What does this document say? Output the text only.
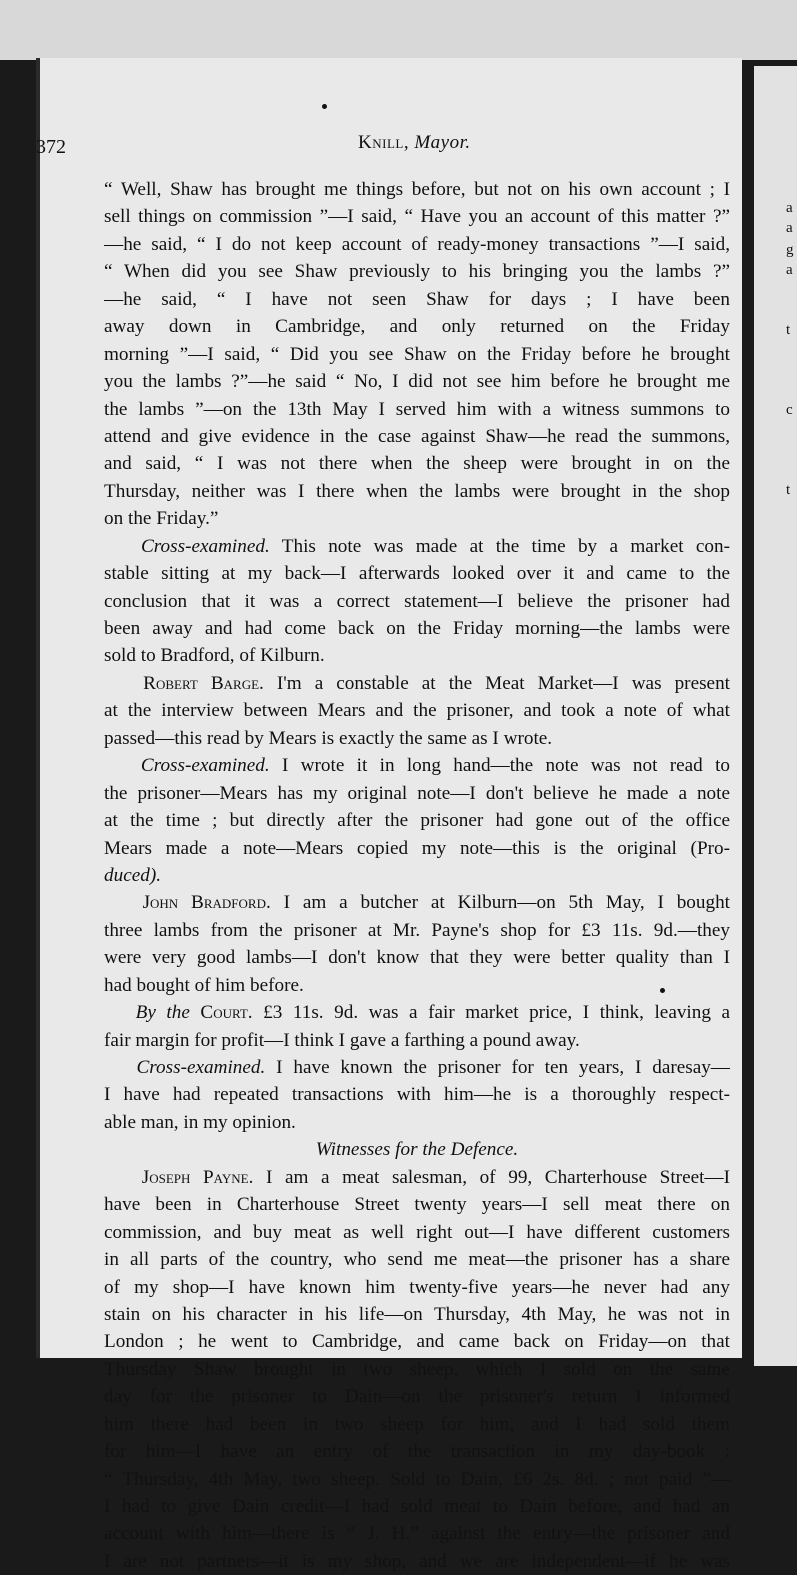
a
a
g
a
t
c
t
372	Knill, Mayor.
“ Well, Shaw has brought me things before, but not on his own account ; I
sell things on commission ”—I said, “ Have you an account of this matter ?”
—he said, “ I do not keep account of ready-money transactions ”—I said,
“ When did you see Shaw previously to his bringing you the lambs ?”
—he said, “ I have not seen Shaw for days ; I have been
away down in Cambridge, and only returned on the Friday
morning ”—I said, “ Did you see Shaw on the Friday before he brought
you the lambs ?”—he said “ No, I did not see him before he brought me
the lambs ”—on the 13th May I served him with a witness summons to
attend and give evidence in the case against Shaw—he read the summons,
and said, “ I was not there when the sheep were brought in on the
Thursday, neither was I there when the lambs were brought in the shop
on the Friday.”
Cross-examined. This note was made at the time by a market con-
stable sitting at my back—I afterwards looked over it and came to the
conclusion that it was a correct statement—I believe the prisoner had
been away and had come back on the Friday morning—the lambs were
sold to Bradford, of Kilburn.
Robert Barge. I'm a constable at the Meat Market—I was present
at the interview between Mears and the prisoner, and took a note of what
passed—this read by Mears is exactly the same as I wrote.
Cross-examined. I wrote it in long hand—the note was not read to
the prisoner—Mears has my original note—I don't believe he made a note
at the time ; but directly after the prisoner had gone out of the office
Mears made a note—Mears copied my note—this is the original (Pro-
duced).
John Bradford. I am a butcher at Kilburn—on 5th May, I bought
three lambs from the prisoner at Mr. Payne's shop for £3 11s. 9d.—they
were very good lambs—I don't know that they were better quality than I
had bought of him before.
By the Court. £3 11s. 9d. was a fair market price, I think, leaving a
fair margin for profit—I think I gave a farthing a pound away.
Cross-examined. I have known the prisoner for ten years, I daresay—
I have had repeated transactions with him—he is a thoroughly respect-
able man, in my opinion.
Witnesses for the Defence.
Joseph Payne. I am a meat salesman, of 99, Charterhouse Street—I
have been in Charterhouse Street twenty years—I sell meat there on
commission, and buy meat as well right out—I have different customers
in all parts of the country, who send me meat—the prisoner has a share
of my shop—I have known him twenty-five years—he never had any
stain on his character in his life—on Thursday, 4th May, he was not in
London ; he went to Cambridge, and came back on Friday—on that
Thursday Shaw brought in two sheep, which I sold on the same
day for the prisoner to Dain—on the prisoner's return I informed
him there had been in two sheep for him, and I had sold them
for him—I have an entry of the transaction in my day-book :
“ Thursday, 4th May, two sheep. Sold to Dain, £6 2s. 8d. ; not paid ”—
I had to give Dain credit—I had sold meat to Dain before, and had an
account with him—there is “ J. H.” against the entry—the prisoner and
I are not partners—it is my shop, and we are independent—if he was
